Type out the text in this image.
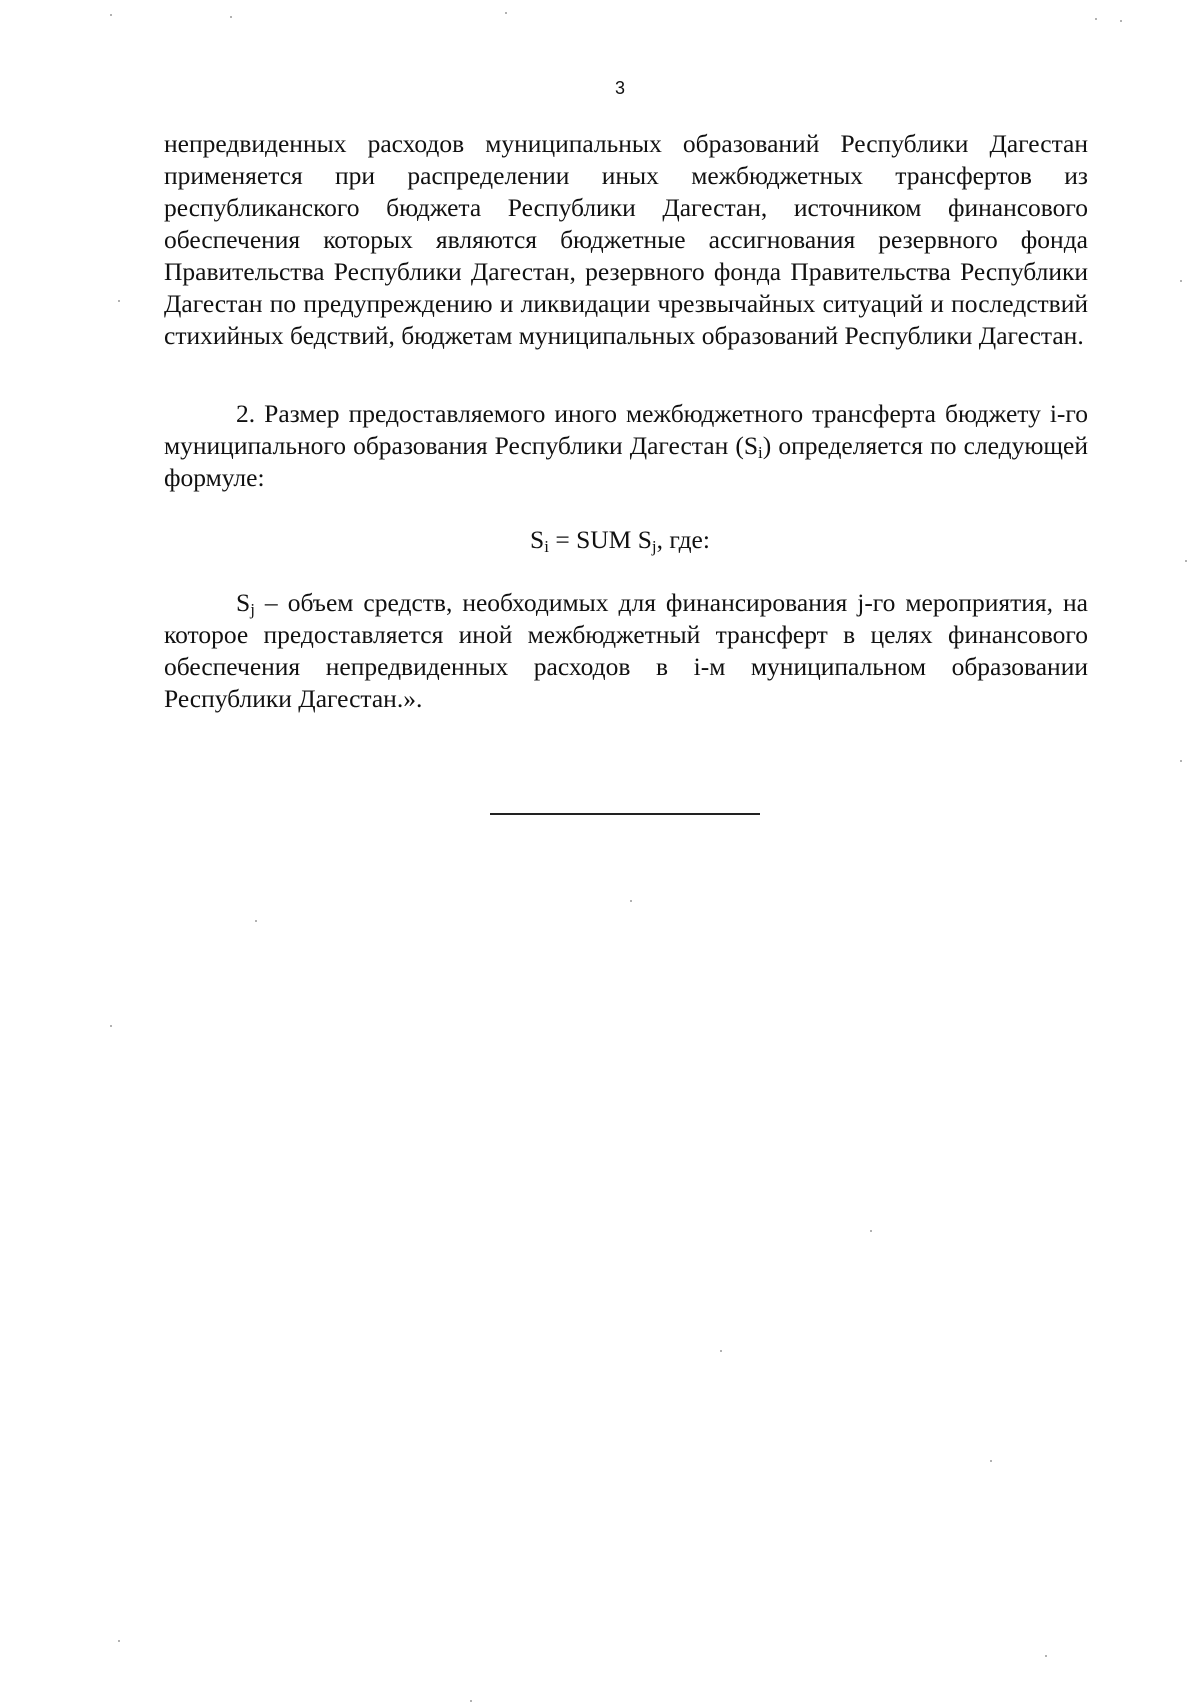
3

непредвиденных расходов муниципальных образований Республики Дагестан применяется при распределении иных межбюджетных трансфертов из республиканского бюджета Республики Дагестан, источником финансового обеспечения которых являются бюджетные ассигнования резервного фонда Правительства Республики Дагестан, резервного фонда Правительства Республики Дагестан по предупреждению и ликвидации чрезвычайных ситуаций и последствий стихийных бедствий, бюджетам муниципальных образований Республики Дагестан.

2. Размер предоставляемого иного межбюджетного трансферта бюджету i-го муниципального образования Республики Дагестан $(S_i)$ определяется по следующей формуле:

$S_i$ = SUM $S_j$, где:

$S_j$ – объем средств, необходимых для финансирования j-го мероприятия, на которое предоставляется иной межбюджетный трансферт в целях финансового обеспечения непредвиденных расходов в i-м муниципальном образовании Республики Дагестан.».
